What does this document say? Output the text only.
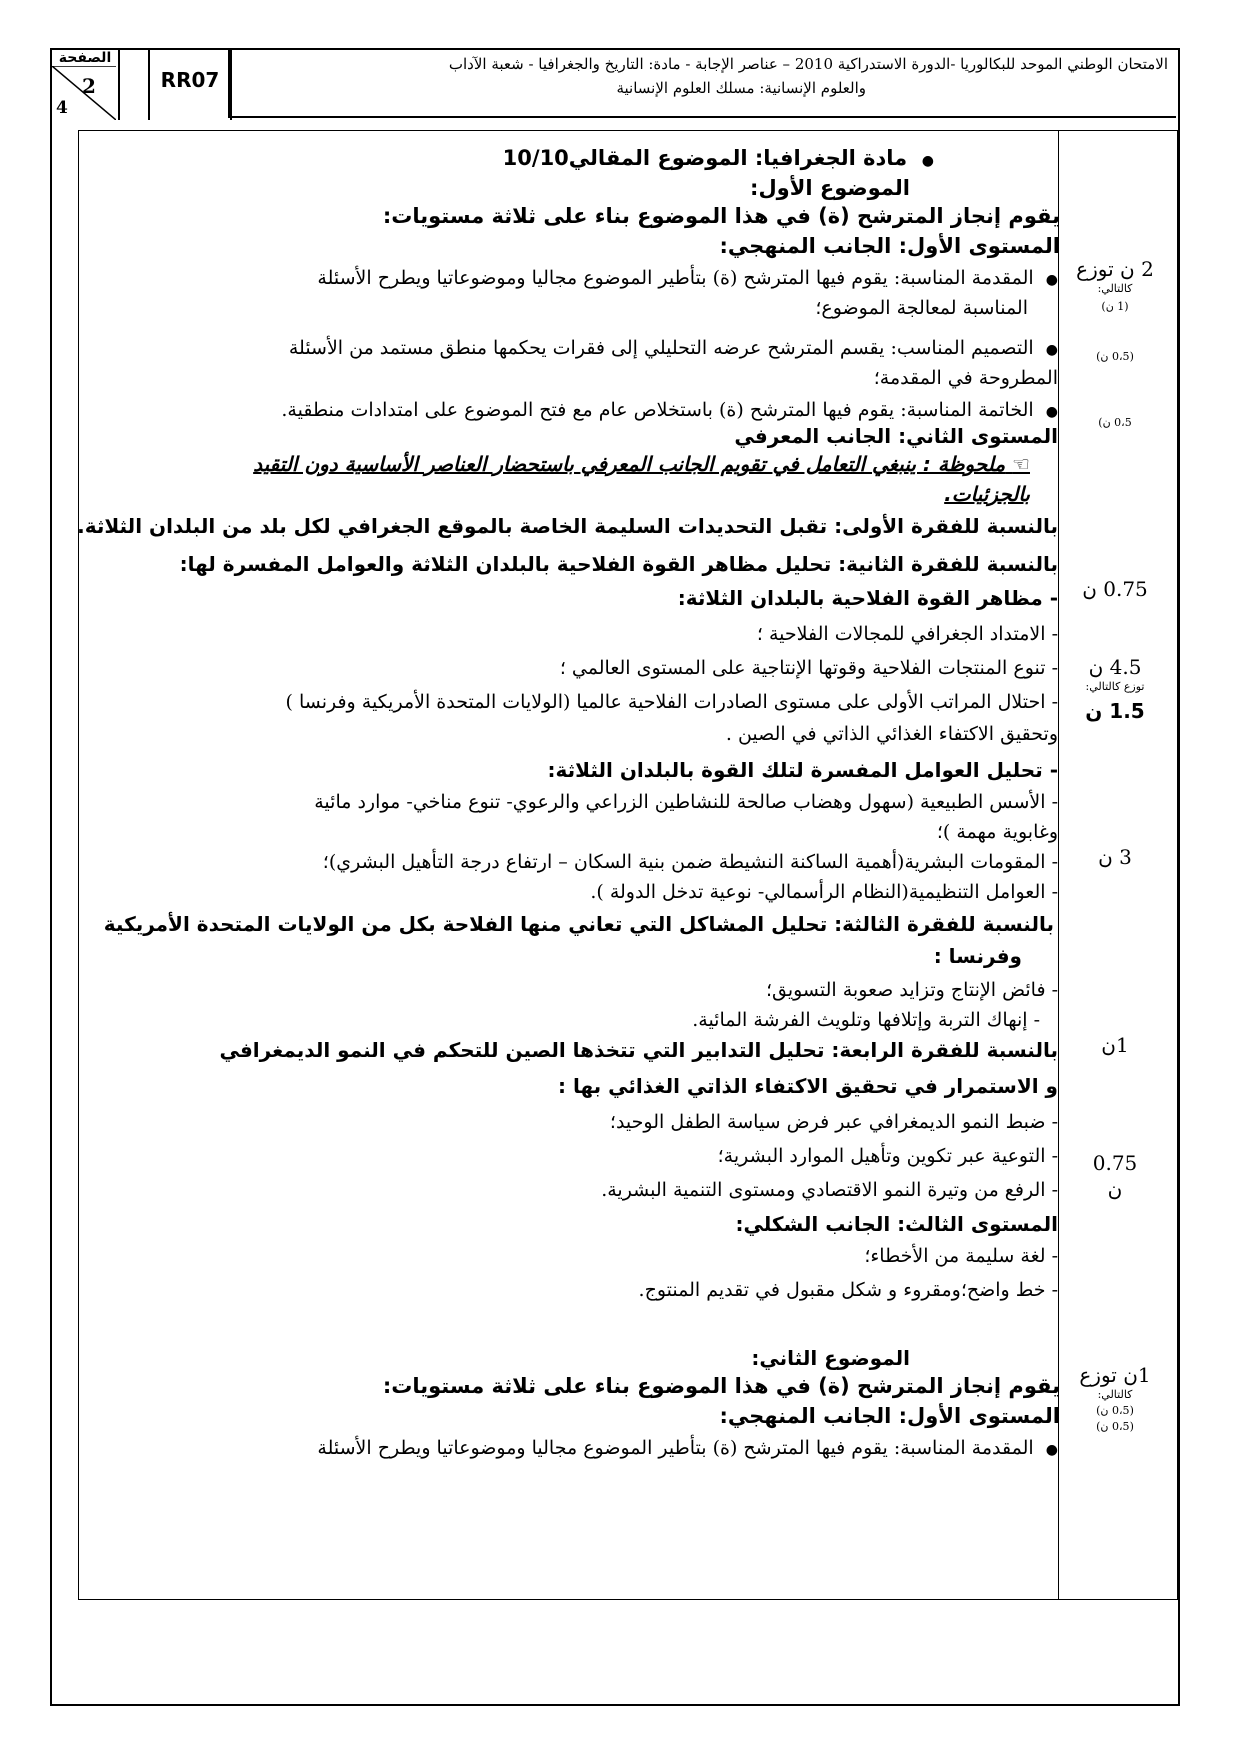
الصفحة
2
4
RR07
الامتحان الوطني الموحد للبكالوريا -الدورة الاستدراكية 2010 – عناصر الإجابة - مادة: التاريخ والجغرافيا - شعبة الآداب
والعلوم الإنسانية: مسلك العلوم الإنسانية
●  مادة الجغرافيا: الموضوع المقالي10/10
الموضوع الأول:
يقوم إنجاز المترشح (ة) في هذا الموضوع بناء على ثلاثة مستويات:
المستوى الأول: الجانب المنهجي:
●  المقدمة المناسبة: يقوم فيها المترشح (ة) بتأطير الموضوع مجاليا وموضوعاتيا ويطرح الأسئلة
المناسبة لمعالجة الموضوع؛
●  التصميم المناسب: يقسم المترشح عرضه التحليلي إلى فقرات يحكمها منطق مستمد من الأسئلة
المطروحة في المقدمة؛
●  الخاتمة المناسبة: يقوم فيها المترشح (ة) باستخلاص عام مع فتح الموضوع على امتدادات منطقية.
المستوى الثاني: الجانب المعرفي
☜ ملحوظة : ينبغي التعامل في تقويم الجانب المعرفي باستحضار العناصر الأساسية دون التقيد
بالجزئيات.
بالنسبة للفقرة الأولى: تقبل التحديدات السليمة الخاصة بالموقع الجغرافي لكل بلد من البلدان الثلاثة.
بالنسبة للفقرة الثانية: تحليل مظاهر القوة الفلاحية بالبلدان الثلاثة والعوامل المفسرة لها:
- مظاهر القوة الفلاحية بالبلدان الثلاثة:
- الامتداد الجغرافي للمجالات الفلاحية ؛
- تنوع المنتجات الفلاحية وقوتها الإنتاجية على المستوى العالمي ؛
- احتلال المراتب الأولى على مستوى الصادرات الفلاحية عالميا (الولايات المتحدة الأمريكية وفرنسا )
وتحقيق الاكتفاء الغذائي الذاتي في الصين .
- تحليل العوامل المفسرة لتلك القوة بالبلدان الثلاثة:
- الأسس الطبيعية (سهول وهضاب صالحة للنشاطين الزراعي والرعوي- تنوع مناخي- موارد مائية
وغابوية مهمة )؛
- المقومات البشرية(أهمية الساكنة النشيطة ضمن بنية السكان – ارتفاع درجة التأهيل البشري)؛
- العوامل التنظيمية(النظام الرأسمالي- نوعية تدخل الدولة ).
بالنسبة للفقرة الثالثة: تحليل المشاكل التي تعاني منها الفلاحة بكل من الولايات المتحدة الأمريكية
وفرنسا :
- فائض الإنتاج وتزايد صعوبة التسويق؛
- إنهاك التربة وإتلافها وتلويث الفرشة المائية.
بالنسبة للفقرة الرابعة: تحليل التدابير التي تتخذها الصين للتحكم في النمو الديمغرافي
و الاستمرار في تحقيق الاكتفاء الذاتي الغذائي بها :
- ضبط النمو الديمغرافي عبر فرض سياسة الطفل الوحيد؛
- التوعية عبر تكوين وتأهيل الموارد البشرية؛
- الرفع من وتيرة النمو الاقتصادي ومستوى التنمية البشرية.
المستوى الثالث: الجانب الشكلي:
- لغة سليمة من الأخطاء؛
- خط واضح؛ومقروء و شكل مقبول في تقديم المنتوج.
الموضوع الثاني:
يقوم إنجاز المترشح (ة) في هذا الموضوع بناء على ثلاثة مستويات:
المستوى الأول: الجانب المنهجي:
●  المقدمة المناسبة: يقوم فيها المترشح (ة) بتأطير الموضوع مجاليا وموضوعاتيا ويطرح الأسئلة
2 ن توزع
كالتالي:
(1 ن)
(0،5 ن)
0،5 ن)
0.75 ن
4.5 ن
توزع كالتالي:
1.5 ن
3 ن
1ن
0.75
ن
1ن توزع
كالتالي:
(0،5 ن)
(0،5 ن)
